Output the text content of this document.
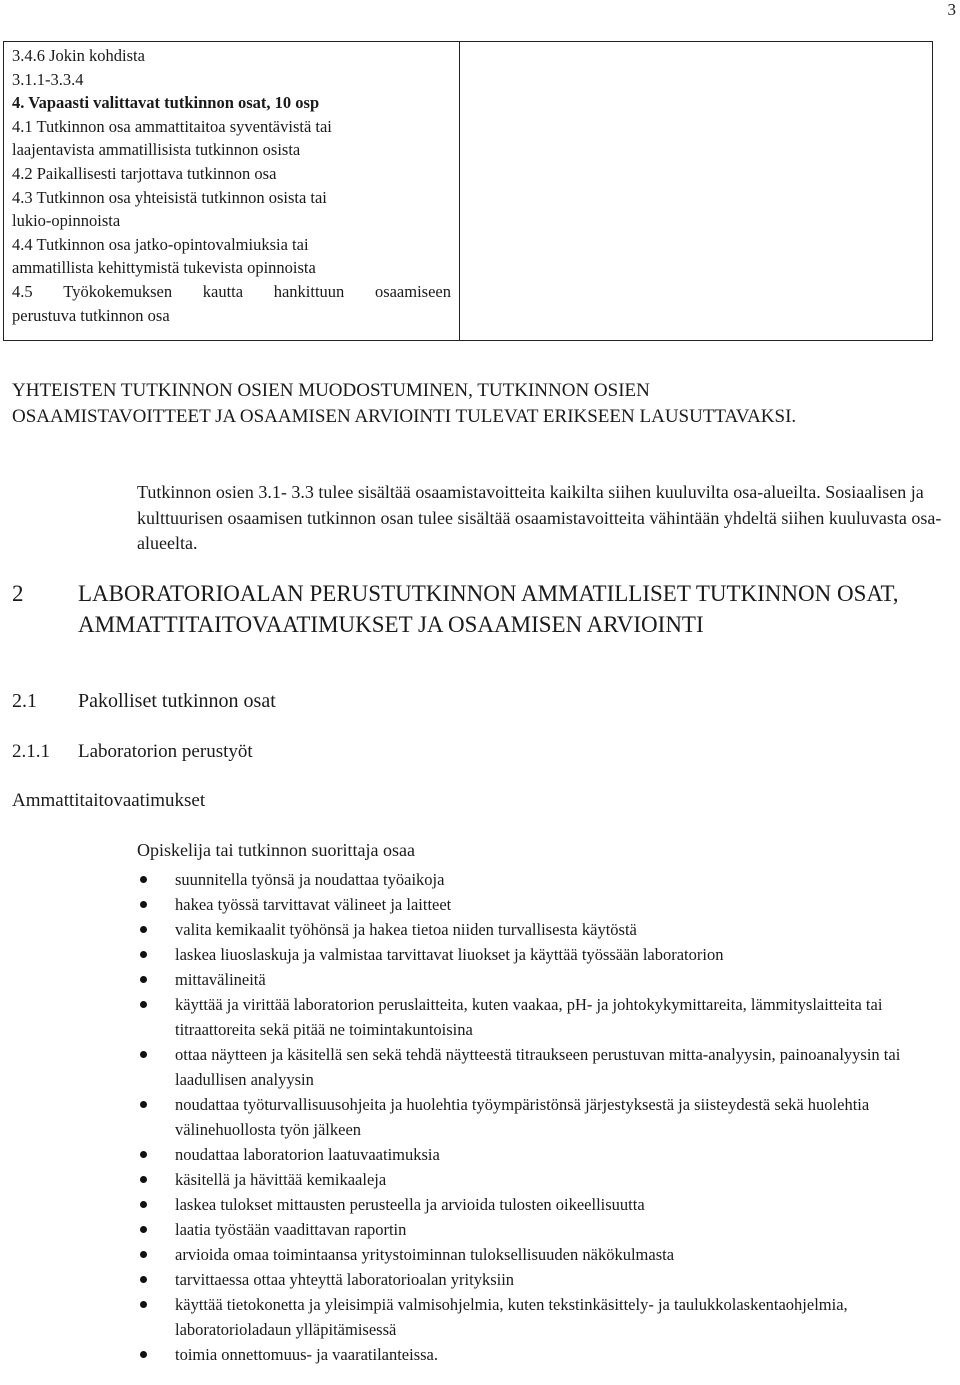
3
3.4.6 Jokin kohdista
3.1.1-3.3.4
4. Vapaasti valittavat tutkinnon osat, 10 osp
4.1 Tutkinnon osa ammattitaitoa syventävistä tai
laajentavista ammatillisista tutkinnon osista
4.2 Paikallisesti tarjottava tutkinnon osa
4.3 Tutkinnon osa yhteisistä tutkinnon osista tai
lukio-opinnoista
4.4 Tutkinnon osa jatko-opintovalmiuksia tai
ammatillista kehittymistä tukevista opinnoista
4.5 Työkokemuksen kautta hankittuun osaamiseen
perustuva tutkinnon osa
YHTEISTEN TUTKINNON OSIEN MUODOSTUMINEN, TUTKINNON OSIEN OSAAMISTAVOITTEET JA OSAAMISEN ARVIOINTI TULEVAT ERIKSEEN LAUSUTTAVAKSI.
Tutkinnon osien 3.1- 3.3 tulee sisältää osaamistavoitteita kaikilta siihen kuuluvilta osa-alueilta. Sosiaalisen ja kulttuurisen osaamisen tutkinnon osan tulee sisältää osaamistavoitteita vähintään yhdeltä siihen kuuluvasta osa-alueelta.
2 LABORATORIOALAN PERUSTUTKINNON AMMATILLISET TUTKINNON OSAT, AMMATTITAITOVAATIMUKSET JA OSAAMISEN ARVIOINTI
2.1 Pakolliset tutkinnon osat
2.1.1 Laboratorion perustyöt
Ammattitaitovaatimukset
Opiskelija tai tutkinnon suorittaja osaa
suunnitella työnsä ja noudattaa työaikoja
hakea työssä tarvittavat välineet ja laitteet
valita kemikaalit työhönsä ja hakea tietoa niiden turvallisesta käytöstä
laskea liuoslaskuja ja valmistaa tarvittavat liuokset ja käyttää työssään laboratorion
mittavälineitä
käyttää ja virittää laboratorion peruslaitteita, kuten vaakaa, pH- ja johtokykymittareita, lämmityslaitteita tai titraattoreita sekä pitää ne toimintakuntoisina
ottaa näytteen ja käsitellä sen sekä tehdä näytteestä titraukseen perustuvan mitta-analyysin, painoanalyysin tai laadullisen analyysin
noudattaa työturvallisuusohjeita ja huolehtia työympäristönsä järjestyksestä ja siisteydestä sekä huolehtia välinehuollosta työn jälkeen
noudattaa laboratorion laatuvaatimuksia
käsitellä ja hävittää kemikaaleja
laskea tulokset mittausten perusteella ja arvioida tulosten oikeellisuutta
laatia työstään vaadittavan raportin
arvioida omaa toimintaansa yritystoiminnan tuloksellisuuden näkökulmasta
tarvittaessa ottaa yhteyttä laboratorioalan yrityksiin
käyttää tietokonetta ja yleisimpiä valmisohjelmia, kuten tekstinkäsittely- ja taulukkolaskentaohjelmia, laboratorioladaun ylläpitämisessä
toimia onnettomuus- ja vaaratilanteissa.
